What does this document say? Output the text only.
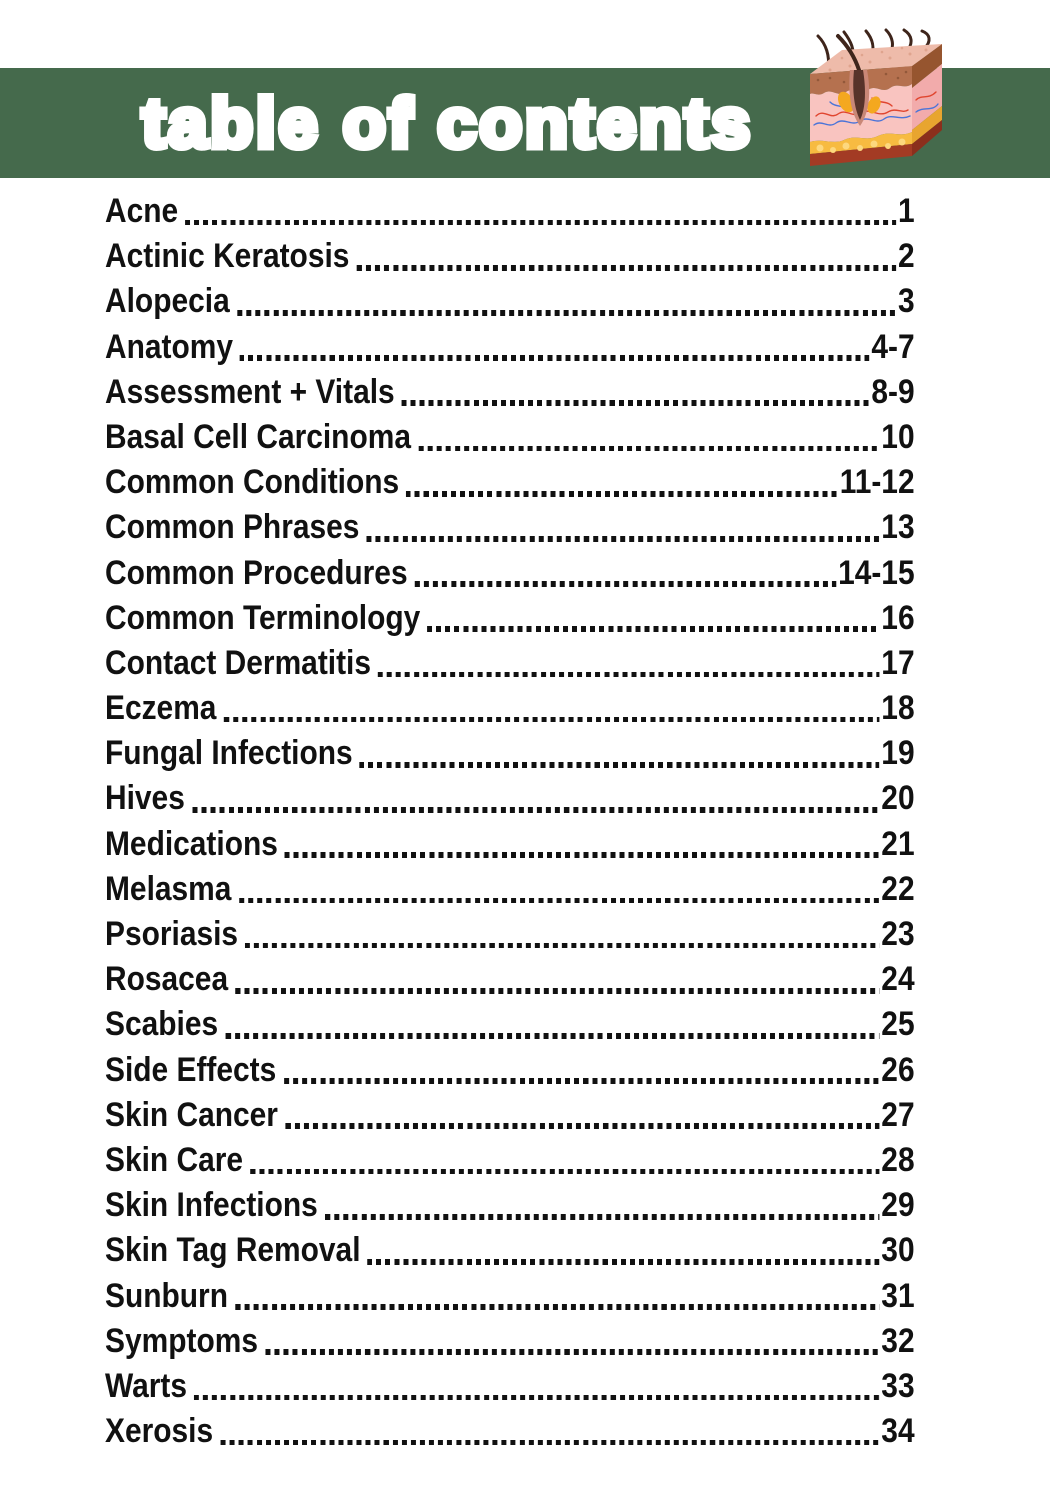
table of contents
Acne	1
Actinic Keratosis	2
Alopecia	3
Anatomy	4-7
Assessment + Vitals	8-9
Basal Cell Carcinoma	10
Common Conditions	11-12
Common Phrases	13
Common Procedures	14-15
Common Terminology	16
Contact Dermatitis	17
Eczema	18
Fungal Infections	19
Hives	20
Medications	21
Melasma	22
Psoriasis	23
Rosacea	24
Scabies	25
Side Effects	26
Skin Cancer	27
Skin Care	28
Skin Infections	29
Skin Tag Removal	30
Sunburn	31
Symptoms	32
Warts	33
Xerosis	34
